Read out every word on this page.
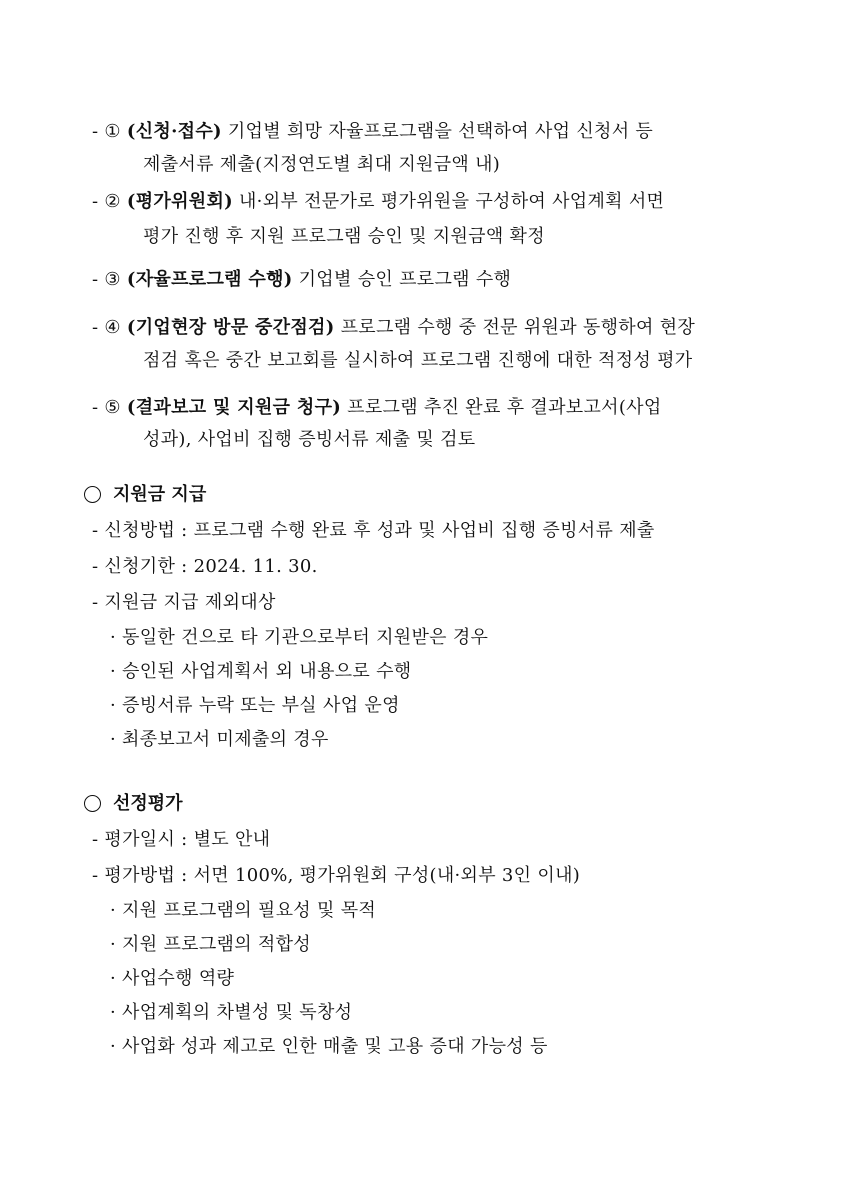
- ① (신청·접수) 기업별 희망 자율프로그램을 선택하여 사업 신청서 등
제출서류 제출(지정연도별 최대 지원금액 내)
- ② (평가위원회) 내·외부 전문가로 평가위원을 구성하여 사업계획 서면
평가 진행 후 지원 프로그램 승인 및 지원금액 확정
- ③ (자율프로그램 수행) 기업별 승인 프로그램 수행
- ④ (기업현장 방문 중간점검) 프로그램 수행 중 전문 위원과 동행하여 현장
점검 혹은 중간 보고회를 실시하여 프로그램 진행에 대한 적정성 평가
- ⑤ (결과보고 및 지원금 청구) 프로그램 추진 완료 후 결과보고서(사업
성과), 사업비 집행 증빙서류 제출 및 검토
지원금 지급
- 신청방법 : 프로그램 수행 완료 후 성과 및 사업비 집행 증빙서류 제출
- 신청기한 : 2024. 11. 30.
- 지원금 지급 제외대상
· 동일한 건으로 타 기관으로부터 지원받은 경우
· 승인된 사업계획서 외 내용으로 수행
· 증빙서류 누락 또는 부실 사업 운영
· 최종보고서 미제출의 경우
선정평가
- 평가일시 : 별도 안내
- 평가방법 : 서면 100%, 평가위원회 구성(내·외부 3인 이내)
· 지원 프로그램의 필요성 및 목적
· 지원 프로그램의 적합성
· 사업수행 역량
· 사업계획의 차별성 및 독창성
· 사업화 성과 제고로 인한 매출 및 고용 증대 가능성 등
